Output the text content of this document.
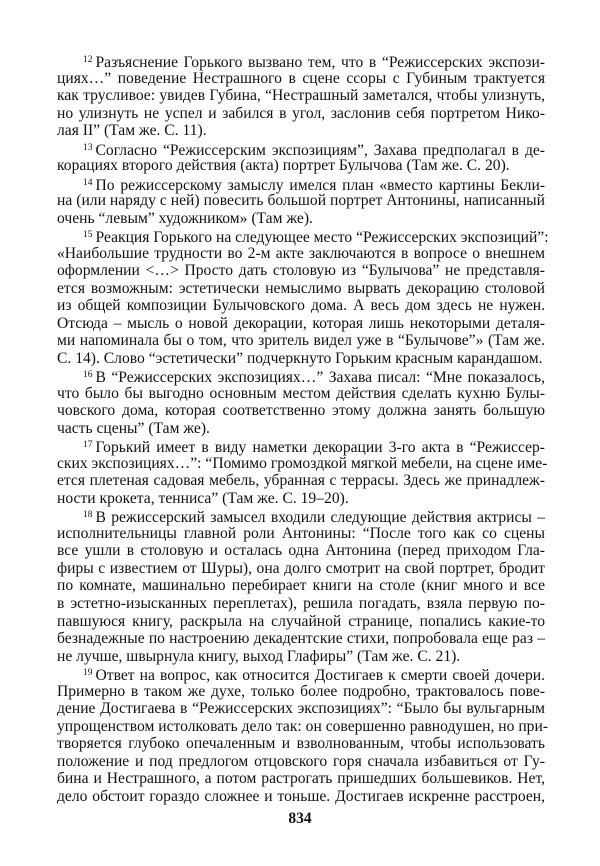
$^{12}$ Разъяснение Горького вызвано тем, что в “Режиссерских экспози-
циях…” поведение Нестрашного в сцене ссоры с Губиным трактуется
как трусливое: увидев Губина, “Нестрашный заметался, чтобы улизнуть,
но улизнуть не успел и забился в угол, заслонив себя портретом Нико-
лая II” (Там же. С. 11).
$^{13}$ Согласно “Режиссерским экспозициям”, Захава предполагал в де-
корациях второго действия (акта) портрет Булычова (Там же. С. 20).
$^{14}$ По режиссерскому замыслу имелся план «вместо картины Бекли-
на (или наряду с ней) повесить большой портрет Антонины, написанный
очень “левым” художником» (Там же).
$^{15}$ Реакция Горького на следующее место “Режиссерских экспозиций”:
«Наибольшие трудности во 2-м акте заключаются в вопросе о внешнем
оформлении <…> Просто дать столовую из “Булычова” не представля-
ется возможным: эстетически немыслимо вырвать декорацию столовой
из общей композиции Булычовского дома. А весь дом здесь не нужен.
Отсюда – мысль о новой декорации, которая лишь некоторыми деталя-
ми напоминала бы о том, что зритель видел уже в “Булычове”» (Там же.
С. 14). Слово “эстетически” подчеркнуто Горьким красным карандашом.
$^{16}$ В “Режиссерских экспозициях…” Захава писал: “Мне показалось,
что было бы выгодно основным местом действия сделать кухню Булы-
човского дома, которая соответственно этому должна занять большую
часть сцены” (Там же).
$^{17}$ Горький имеет в виду наметки декорации 3-го акта в “Режиссер-
ских экспозициях…”: “Помимо громоздкой мягкой мебели, на сцене име-
ется плетеная садовая мебель, убранная с террасы. Здесь же принадлеж-
ности крокета, тенниса” (Там же. С. 19–20).
$^{18}$ В режиссерский замысел входили следующие действия актрисы –
исполнительницы главной роли Антонины: “После того как со сцены
все ушли в столовую и осталась одна Антонина (перед приходом Гла-
фиры с известием от Шуры), она долго смотрит на свой портрет, бродит
по комнате, машинально перебирает книги на столе (книг много и все
в эстетно-изысканных переплетах), решила погадать, взяла первую по-
павшуюся книгу, раскрыла на случайной странице, попались какие-то
безнадежные по настроению декадентские стихи, попробовала еще раз –
не лучше, швырнула книгу, выход Глафиры” (Там же. С. 21).
$^{19}$ Ответ на вопрос, как относится Достигаев к смерти своей дочери.
Примерно в таком же духе, только более подробно, трактовалось пове-
дение Достигаева в “Режиссерских экспозициях”: “Было бы вульгарным
упрощенством истолковать дело так: он совершенно равнодушен, но при-
творяется глубоко опечаленным и взволнованным, чтобы использовать
положение и под предлогом отцовского горя сначала избавиться от Гу-
бина и Нестрашного, а потом растрогать пришедших большевиков. Нет,
дело обстоит гораздо сложнее и тоньше. Достигаев искренне расстроен,
834
